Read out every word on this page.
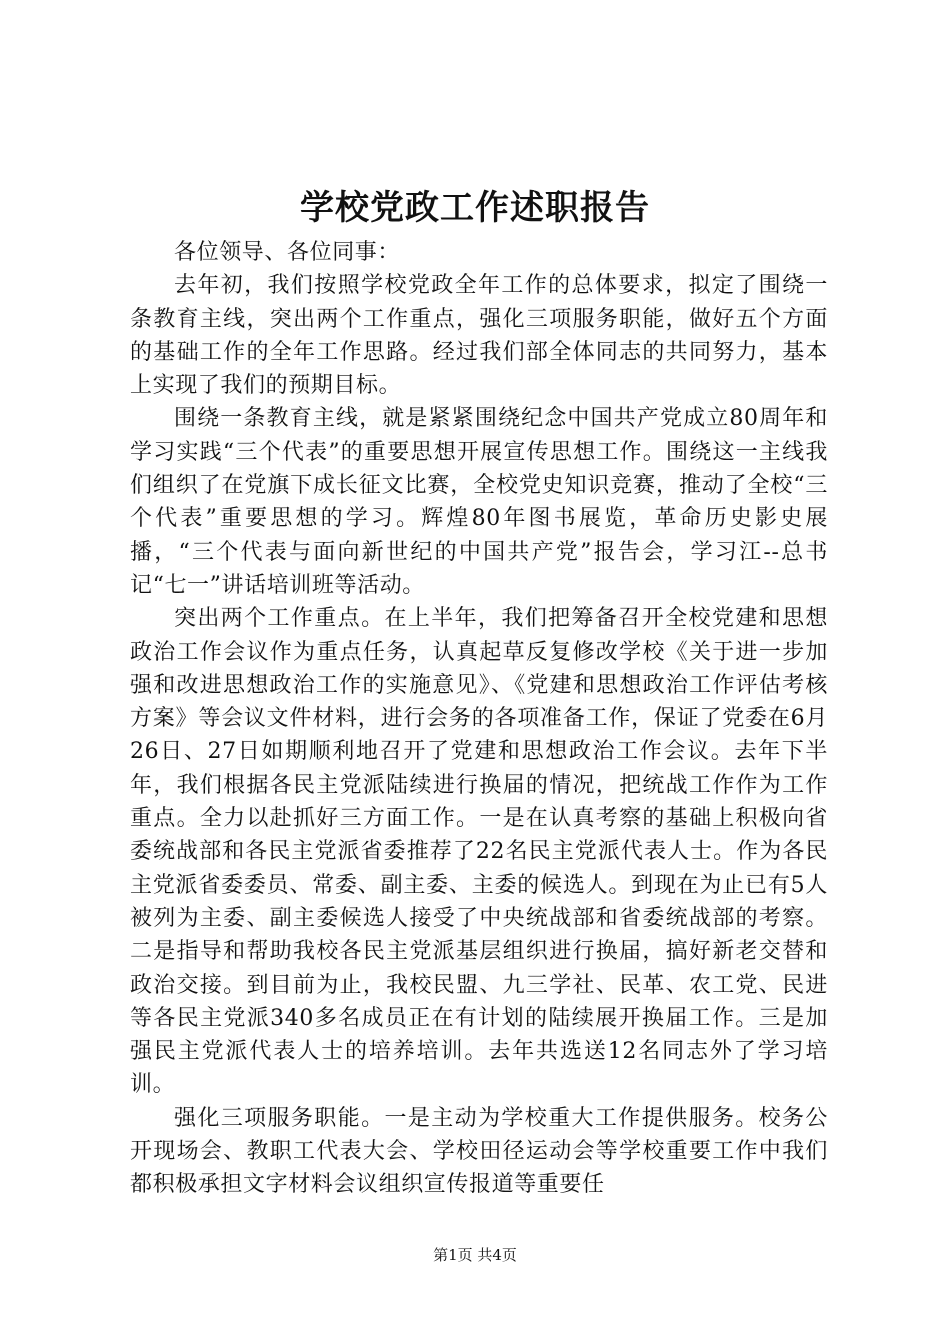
学校党政工作述职报告

各位领导、各位同事：

去年初，我们按照学校党政全年工作的总体要求，拟定了围绕一条教育主线，突出两个工作重点，强化三项服务职能，做好五个方面的基础工作的全年工作思路。经过我们部全体同志的共同努力，基本上实现了我们的预期目标。

围绕一条教育主线，就是紧紧围绕纪念中国共产党成立80周年和学习实践“三个代表”的重要思想开展宣传思想工作。围绕这一主线我们组织了在党旗下成长征文比赛，全校党史知识竞赛，推动了全校“三个代表”重要思想的学习。辉煌80年图书展览，革命历史影史展播，“三个代表与面向新世纪的中国共产党”报告会，学习江--总书记“七一”讲话培训班等活动。

突出两个工作重点。在上半年，我们把筹备召开全校党建和思想政治工作会议作为重点任务，认真起草反复修改学校《关于进一步加强和改进思想政治工作的实施意见》、《党建和思想政治工作评估考核方案》等会议文件材料，进行会务的各项准备工作，保证了党委在6月26日、27日如期顺利地召开了党建和思想政治工作会议。去年下半年，我们根据各民主党派陆续进行换届的情况，把统战工作作为工作重点。全力以赴抓好三方面工作。一是在认真考察的基础上积极向省委统战部和各民主党派省委推荐了22名民主党派代表人士。作为各民主党派省委委员、常委、副主委、主委的候选人。到现在为止已有5人被列为主委、副主委候选人接受了中央统战部和省委统战部的考察。二是指导和帮助我校各民主党派基层组织进行换届，搞好新老交替和政治交接。到目前为止，我校民盟、九三学社、民革、农工党、民进等各民主党派340多名成员正在有计划的陆续展开换届工作。三是加强民主党派代表人士的培养培训。去年共选送12名同志外了学习培训。

强化三项服务职能。一是主动为学校重大工作提供服务。校务公开现场会、教职工代表大会、学校田径运动会等学校重要工作中我们都积极承担文字材料会议组织宣传报道等重要任

第1页 共4页
